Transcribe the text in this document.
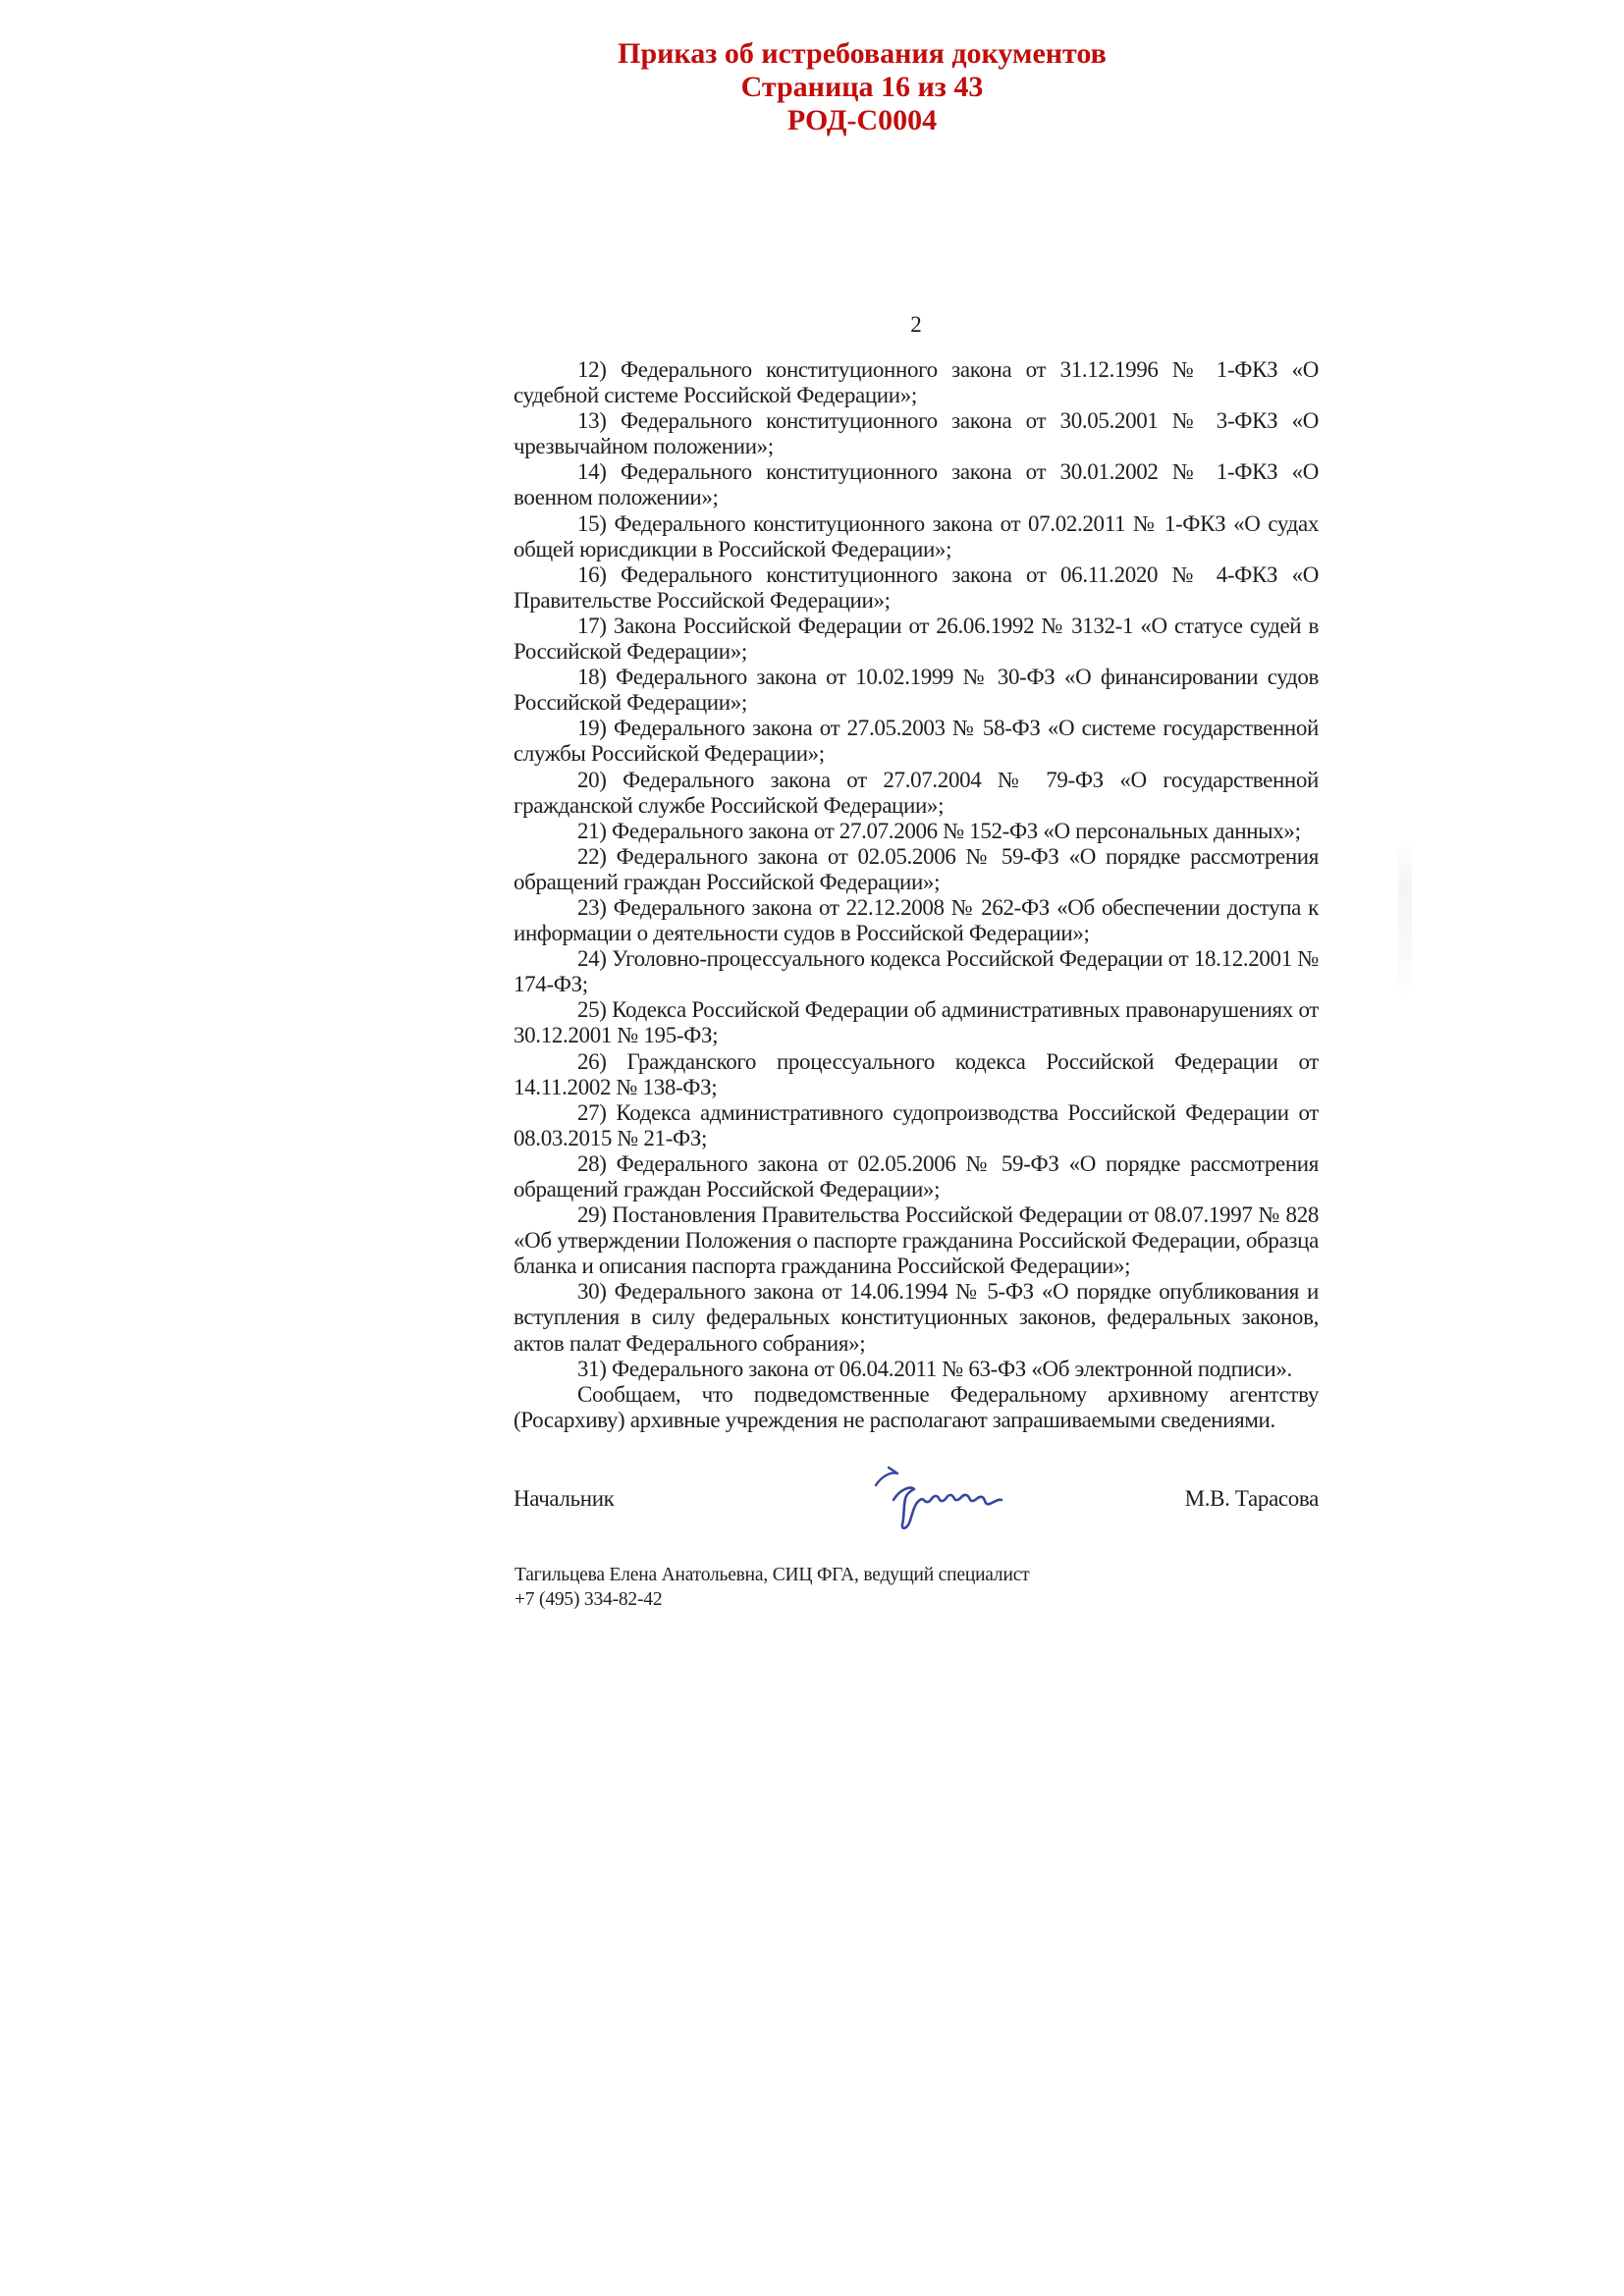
Приказ об истребования документов
Страница 16 из 43
РОД-С0004
2

12) Федерального конституционного закона от 31.12.1996 № 1-ФКЗ «О судебной системе Российской Федерации»;

13) Федерального конституционного закона от 30.05.2001 № 3-ФКЗ «О чрезвычайном положении»;

14) Федерального конституционного закона от 30.01.2002 № 1-ФКЗ «О военном положении»;

15) Федерального конституционного закона от 07.02.2011 № 1-ФКЗ «О судах общей юрисдикции в Российской Федерации»;

16) Федерального конституционного закона от 06.11.2020 № 4-ФКЗ «О Правительстве Российской Федерации»;

17) Закона Российской Федерации от 26.06.1992 № 3132-1 «О статусе судей в Российской Федерации»;

18) Федерального закона от 10.02.1999 № 30-ФЗ «О финансировании судов Российской Федерации»;

19) Федерального закона от 27.05.2003 № 58-ФЗ «О системе государственной службы Российской Федерации»;

20) Федерального закона от 27.07.2004 № 79-ФЗ «О государственной гражданской службе Российской Федерации»;

21) Федерального закона от 27.07.2006 № 152-ФЗ «О персональных данных»;

22) Федерального закона от 02.05.2006 № 59-ФЗ «О порядке рассмотрения обращений граждан Российской Федерации»;

23) Федерального закона от 22.12.2008 № 262-ФЗ «Об обеспечении доступа к информации о деятельности судов в Российской Федерации»;

24) Уголовно-процессуального кодекса Российской Федерации от 18.12.2001 № 174-ФЗ;

25) Кодекса Российской Федерации об административных правонарушениях от 30.12.2001 № 195-ФЗ;

26) Гражданского процессуального кодекса Российской Федерации от 14.11.2002 № 138-ФЗ;

27) Кодекса административного судопроизводства Российской Федерации от 08.03.2015 № 21-ФЗ;

28) Федерального закона от 02.05.2006 № 59-ФЗ «О порядке рассмотрения обращений граждан Российской Федерации»;

29) Постановления Правительства Российской Федерации от 08.07.1997 № 828 «Об утверждении Положения о паспорте гражданина Российской Федерации, образца бланка и описания паспорта гражданина Российской Федерации»;

30) Федерального закона от 14.06.1994 № 5-ФЗ «О порядке опубликования и вступления в силу федеральных конституционных законов, федеральных законов, актов палат Федерального собрания»;

31) Федерального закона от 06.04.2011 № 63-ФЗ «Об электронной подписи».

Сообщаем, что подведомственные Федеральному архивному агентству (Росархиву) архивные учреждения не располагают запрашиваемыми сведениями.

Начальник	М.В. Тарасова
Тагильцева Елена Анатольевна, СИЦ ФГА, ведущий специалист
+7 (495) 334-82-42
